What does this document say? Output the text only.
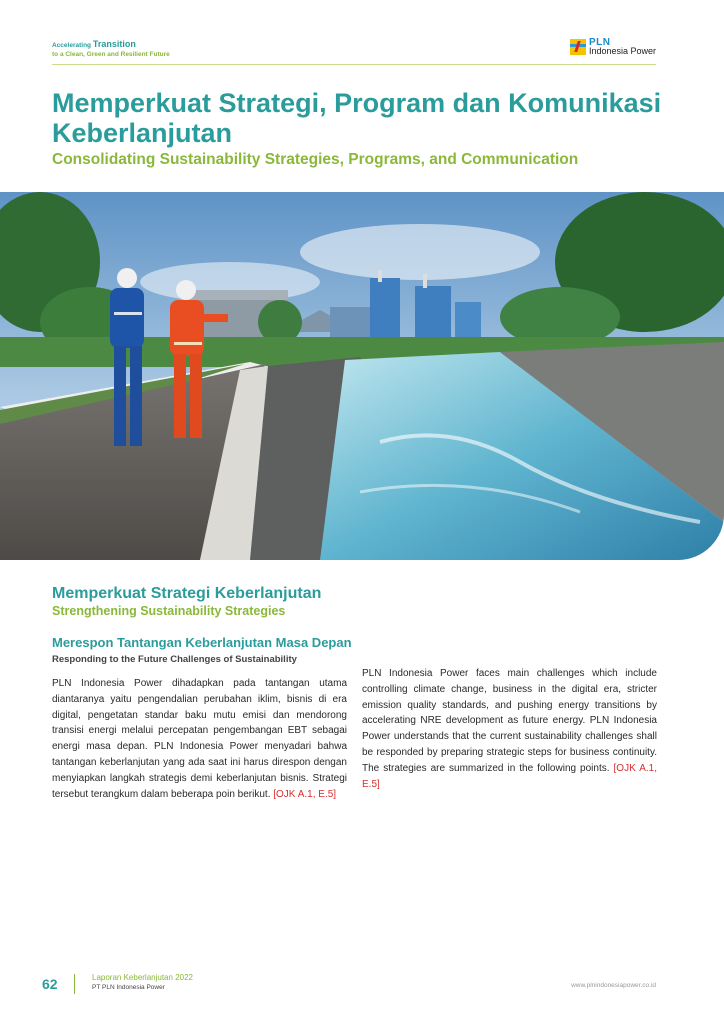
Accelerating Transition
to a Clean, Green and Resilient Future
PLN
Indonesia Power
Memperkuat Strategi, Program dan Komunikasi Keberlanjutan
Consolidating Sustainability Strategies, Programs, and Communication
Memperkuat Strategi Keberlanjutan
Strengthening Sustainability Strategies
Merespon Tantangan Keberlanjutan Masa Depan
Responding to the Future Challenges of Sustainability

PLN Indonesia Power dihadapkan pada tantangan utama diantaranya yaitu pengendalian perubahan iklim, bisnis di era digital, pengetatan standar baku mutu emisi dan mendorong transisi energi melalui percepatan pengembangan EBT sebagai energi masa depan. PLN Indonesia Power menyadari bahwa tantangan keberlanjutan yang ada saat ini harus direspon dengan menyiapkan langkah strategis demi keberlanjutan bisnis. Strategi tersebut terangkum dalam beberapa poin berikut. [OJK A.1, E.5]

PLN Indonesia Power faces main challenges which include controlling climate change, business in the digital era, stricter emission quality standards, and pushing energy transitions by accelerating NRE development as future energy. PLN Indonesia Power understands that the current sustainability challenges shall be responded by preparing strategic steps for business continuity. The strategies are summarized in the following points. [OJK A.1, E.5]

62	Laporan Keberlanjutan 2022
PT PLN Indonesia Power	www.plnindonesiapower.co.id
